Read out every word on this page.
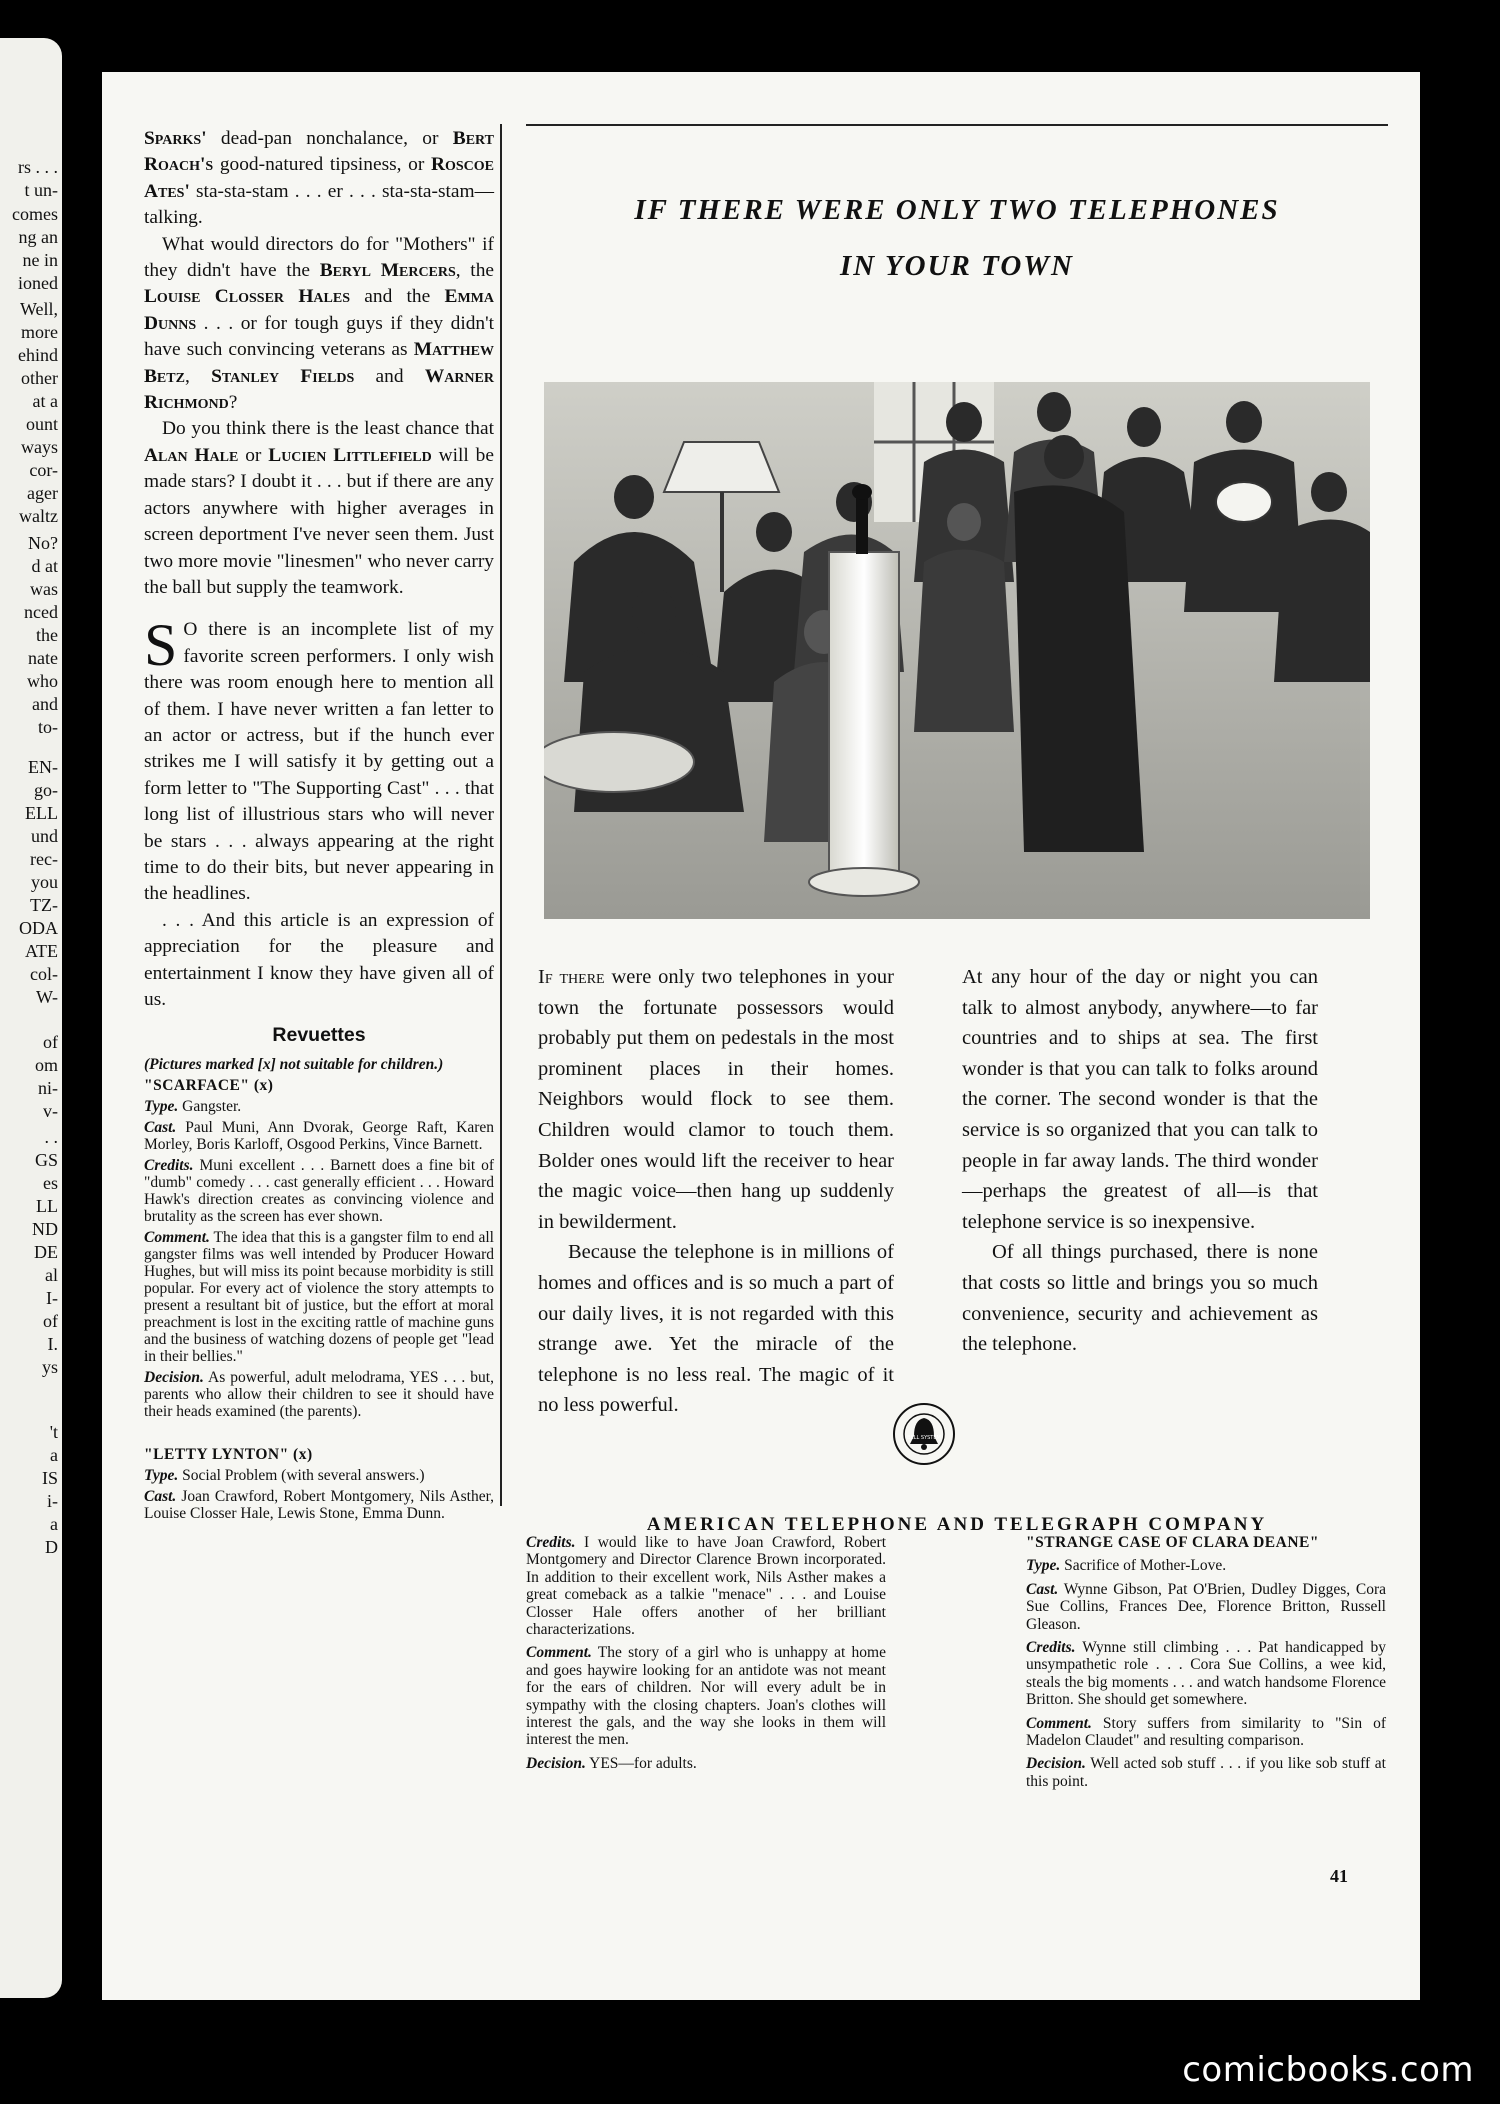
rs . . .
t un-
comes
ng an
ne in
ioned
Well,
more
ehind
other
at a
ount
ways
cor-
ager
waltz
No?
d at
was
nced
the
nate
who
and
to-
EN-
go-
ELL
und
rec-
you
TZ-
ODA
ATE
col-
W-
of
om
ni-
v-
. .
GS
es
LL
ND
DE
al
I-
of
I.
ys
't
a
IS
i-
a
D

Sparks' dead-pan nonchalance, or Bert Roach's good-natured tipsiness, or Roscoe Ates' sta-sta-stam . . . er . . . sta-sta-stam—talking.

What would directors do for "Mothers" if they didn't have the Beryl Mercers, the Louise Closser Hales and the Emma Dunns . . . or for tough guys if they didn't have such convincing veterans as Matthew Betz, Stanley Fields and Warner Richmond?

Do you think there is the least chance that Alan Hale or Lucien Littlefield will be made stars? I doubt it . . . but if there are any actors anywhere with higher averages in screen deportment I've never seen them. Just two more movie "linesmen" who never carry the ball but supply the teamwork.

S O there is an incomplete list of my favorite screen performers. I only wish there was room enough here to mention all of them. I have never written a fan letter to an actor or actress, but if the hunch ever strikes me I will satisfy it by getting out a form letter to "The Supporting Cast" . . . that long list of illustrious stars who will never be stars . . . always appearing at the right time to do their bits, but never appearing in the headlines.

. . . And this article is an expression of appreciation for the pleasure and entertainment I know they have given all of us.

Revuettes

(Pictures marked [x] not suitable for children.)

"SCARFACE" (x)

Type. Gangster.

Cast. Paul Muni, Ann Dvorak, George Raft, Karen Morley, Boris Karloff, Osgood Perkins, Vince Barnett.

Credits. Muni excellent . . . Barnett does a fine bit of "dumb" comedy . . . cast generally efficient . . . Howard Hawk's direction creates as convincing violence and brutality as the screen has ever shown.

Comment. The idea that this is a gangster film to end all gangster films was well intended by Producer Howard Hughes, but will miss its point because morbidity is still popular. For every act of violence the story attempts to present a resultant bit of justice, but the effort at moral preachment is lost in the exciting rattle of machine guns and the business of watching dozens of people get "lead in their bellies."

Decision. As powerful, adult melodrama, YES . . . but, parents who allow their children to see it should have their heads examined (the parents).

"LETTY LYNTON" (x)

Type. Social Problem (with several answers.)

Cast. Joan Crawford, Robert Montgomery, Nils Asther, Louise Closser Hale, Lewis Stone, Emma Dunn.

IF THERE WERE ONLY TWO TELEPHONES
IN YOUR TOWN

If there were only two telephones in your town the fortunate possessors would probably put them on pedestals in the most prominent places in their homes. Neighbors would flock to see them. Children would clamor to touch them. Bolder ones would lift the receiver to hear the magic voice—then hang up suddenly in bewilderment.

Because the telephone is in millions of homes and offices and is so much a part of our daily lives, it is not regarded with this strange awe. Yet the miracle of the telephone is no less real. The magic of it no less powerful.

At any hour of the day or night you can talk to almost anybody, anywhere—to far countries and to ships at sea. The first wonder is that you can talk to folks around the corner. The second wonder is that the service is so organized that you can talk to people in far away lands. The third wonder—perhaps the greatest of all—is that telephone service is so inexpensive.

Of all things purchased, there is none that costs so little and brings you so much convenience, security and achievement as the telephone.

BELL SYSTEM
AMERICAN TELEPHONE AND TELEGRAPH COMPANY

Credits. I would like to have Joan Crawford, Robert Montgomery and Director Clarence Brown incorporated. In addition to their excellent work, Nils Asther makes a great comeback as a talkie "menace" . . . and Louise Closser Hale offers another of her brilliant characterizations.

Comment. The story of a girl who is unhappy at home and goes haywire looking for an antidote was not meant for the ears of children. Nor will every adult be in sympathy with the closing chapters. Joan's clothes will interest the gals, and the way she looks in them will interest the men.

Decision. YES—for adults.

"STRANGE CASE OF CLARA DEANE"

Type. Sacrifice of Mother-Love.

Cast. Wynne Gibson, Pat O'Brien, Dudley Digges, Cora Sue Collins, Frances Dee, Florence Britton, Russell Gleason.

Credits. Wynne still climbing . . . Pat handicapped by unsympathetic role . . . Cora Sue Collins, a wee kid, steals the big moments . . . and watch handsome Florence Britton. She should get somewhere.

Comment. Story suffers from similarity to "Sin of Madelon Claudet" and resulting comparison.

Decision. Well acted sob stuff . . . if you like sob stuff at this point.

41
comicbooks.com
